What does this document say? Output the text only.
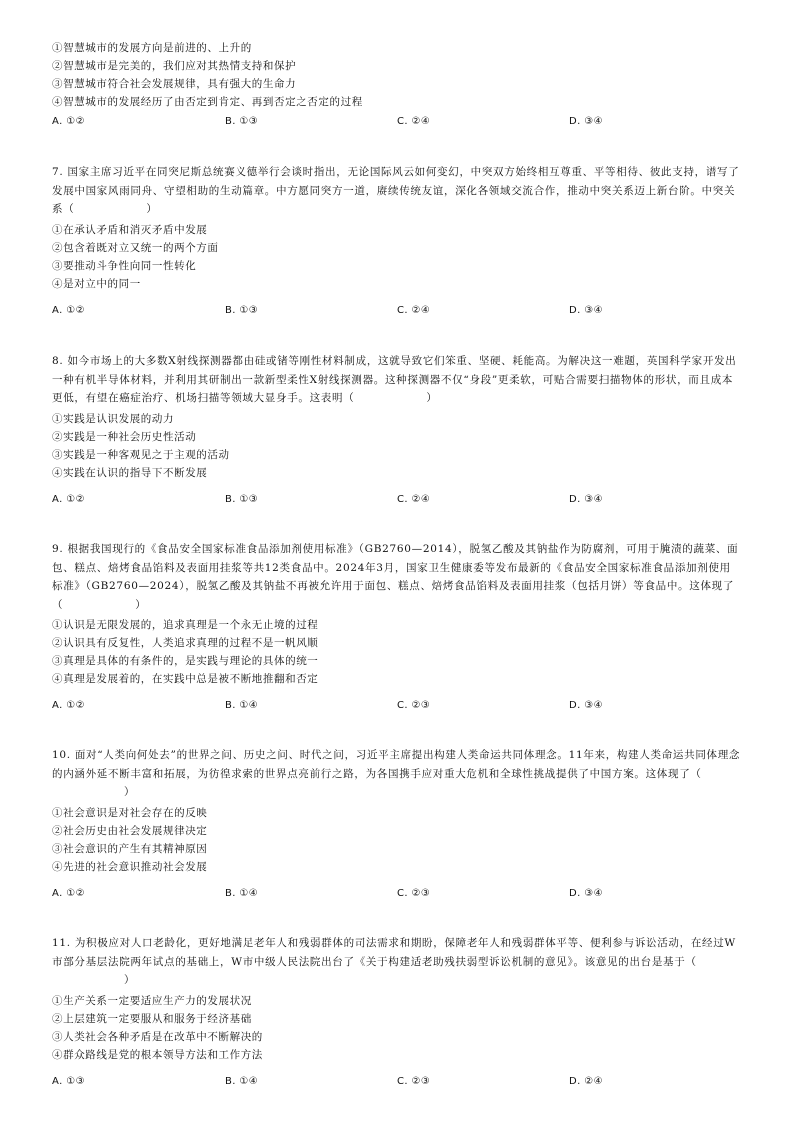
①智慧城市的发展方向是前进的、上升的
②智慧城市是完美的，我们应对其热情支持和保护
③智慧城市符合社会发展规律，具有强大的生命力
④智慧城市的发展经历了由否定到肯定、再到否定之否定的过程
A. ①②	B. ①③	C. ②④	D. ③④
7. 国家主席习近平在同突尼斯总统赛义德举行会谈时指出，无论国际风云如何变幻，中突双方始终相互尊重、平等相待、彼此支持，谱写了发展中国家风雨同舟、守望相助的生动篇章。中方愿同突方一道，赓续传统友谊，深化各领域交流合作，推动中突关系迈上新台阶。中突关系（	）
①在承认矛盾和消灭矛盾中发展
②包含着既对立又统一的两个方面
③要推动斗争性向同一性转化
④是对立中的同一
A. ①②	B. ①③	C. ②④	D. ③④
8. 如今市场上的大多数X射线探测器都由硅或锗等刚性材料制成，这就导致它们笨重、坚硬、耗能高。为解决这一难题，英国科学家开发出一种有机半导体材料，并利用其研制出一款新型柔性X射线探测器。这种探测器不仅“身段”更柔软，可贴合需要扫描物体的形状，而且成本更低，有望在癌症治疗、机场扫描等领域大显身手。这表明（	）
①实践是认识发展的动力
②实践是一种社会历史性活动
③实践是一种客观见之于主观的活动
④实践在认识的指导下不断发展
A. ①②	B. ①③	C. ②④	D. ③④
9. 根据我国现行的《食品安全国家标准食品添加剂使用标准》（GB2760—2014），脱氢乙酸及其钠盐作为防腐剂，可用于腌渍的蔬菜、面包、糕点、焙烤食品馅料及表面用挂浆等共12类食品中。2024年3月，国家卫生健康委等发布最新的《食品安全国家标准食品添加剂使用标准》（GB2760—2024），脱氢乙酸及其钠盐不再被允许用于面包、糕点、焙烤食品馅料及表面用挂浆（包括月饼）等食品中。这体现了（	）
①认识是无限发展的，追求真理是一个永无止境的过程
②认识具有反复性，人类追求真理的过程不是一帆风顺
③真理是具体的有条件的，是实践与理论的具体的统一
④真理是发展着的，在实践中总是被不断地推翻和否定
A. ①②	B. ①④	C. ②③	D. ③④
10. 面对“人类向何处去”的世界之问、历史之问、时代之问，习近平主席提出构建人类命运共同体理念。11年来，构建人类命运共同体理念的内涵外延不断丰富和拓展，为彷徨求索的世界点亮前行之路，为各国携手应对重大危机和全球性挑战提供了中国方案。这体现了（）
①社会意识是对社会存在的反映
②社会历史由社会发展规律决定
③社会意识的产生有其精神原因
④先进的社会意识推动社会发展
A. ①②	B. ①④	C. ②③	D. ③④
11. 为积极应对人口老龄化，更好地满足老年人和残弱群体的司法需求和期盼，保障老年人和残弱群体平等、便利参与诉讼活动，在经过W市部分基层法院两年试点的基础上，W市中级人民法院出台了《关于构建适老助残扶弱型诉讼机制的意见》。该意见的出台是基于（）
①生产关系一定要适应生产力的发展状况
②上层建筑一定要服从和服务于经济基础
③人类社会各种矛盾是在改革中不断解决的
④群众路线是党的根本领导方法和工作方法
A. ①③	B. ①④	C. ②③	D. ②④
